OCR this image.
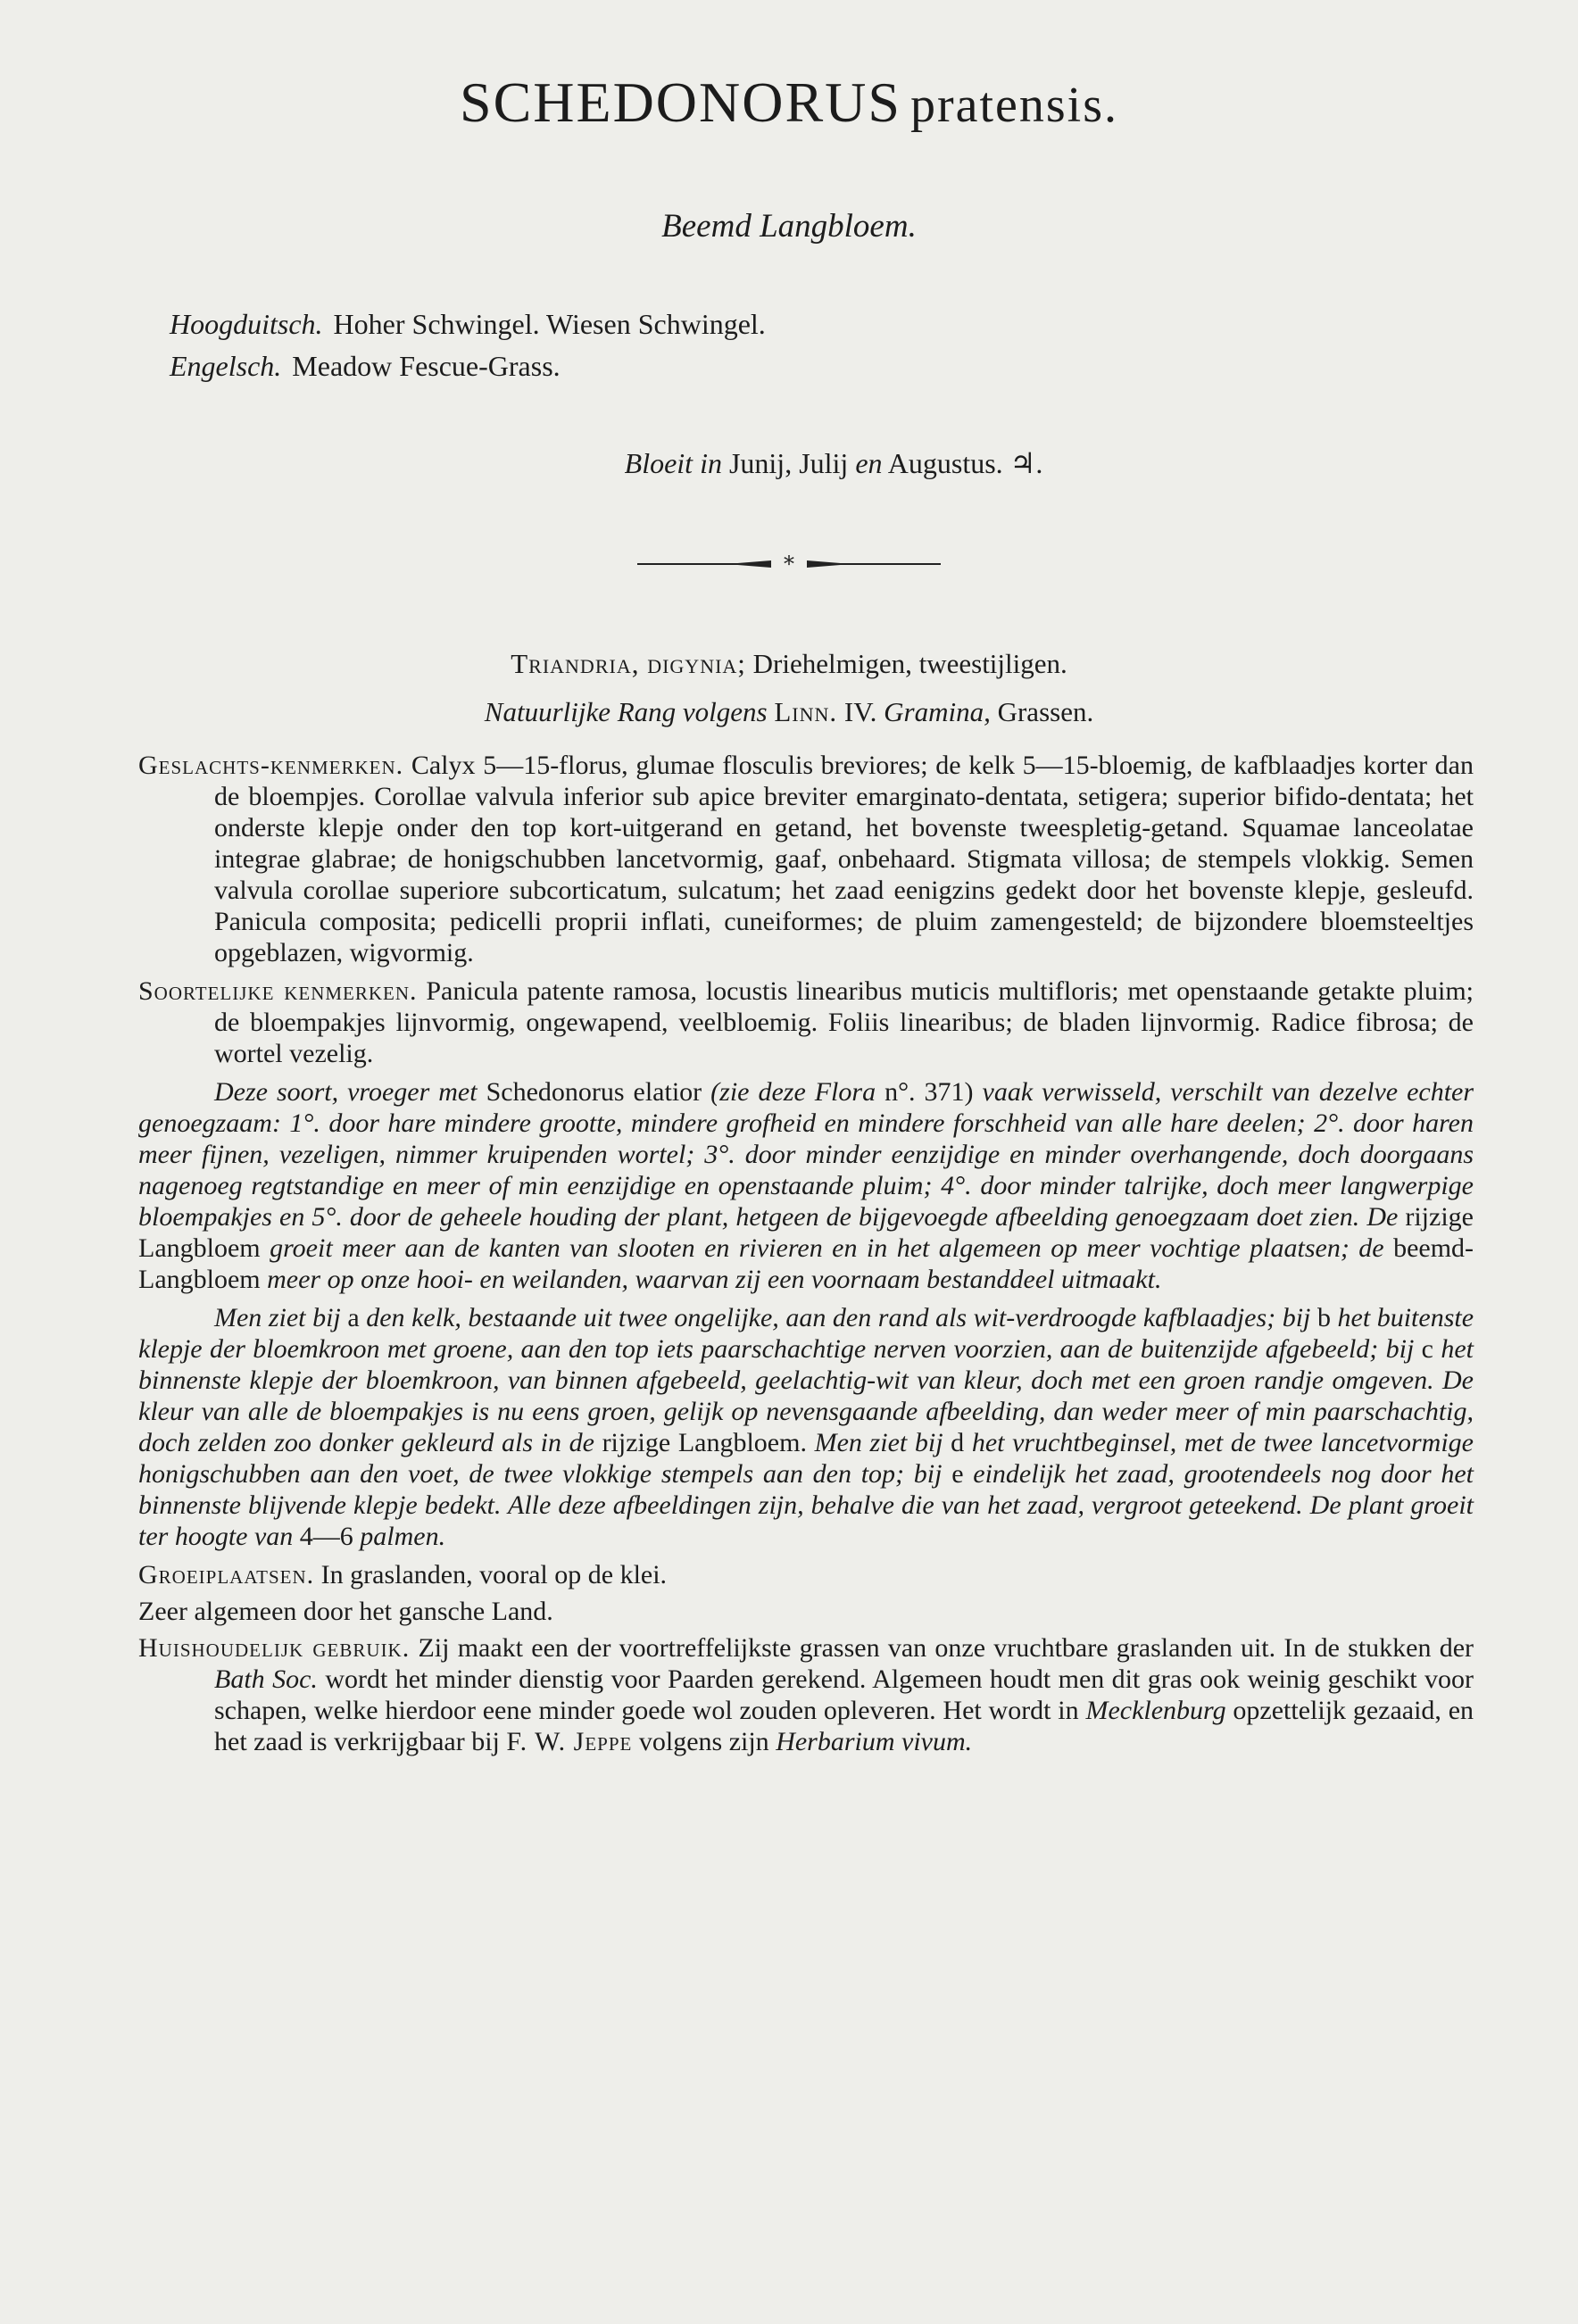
SCHEDONORUS pratensis.
Beemd Langbloem.
Hoogduitsch. Hoher Schwingel. Wiesen Schwingel.
Engelsch. Meadow Fescue-Grass.
Bloeit in Junij, Julij en Augustus. ♃.
*
Triandria, digynia; Driehelmigen, tweestijligen.
Natuurlijke Rang volgens Linn. IV. Gramina, Grassen.

Geslachts-kenmerken. Calyx 5—15-florus, glumae flosculis breviores; de kelk 5—15-bloemig, de kafblaadjes korter dan de bloempjes. Corollae valvula inferior sub apice breviter emarginato-dentata, setigera; superior bifido-dentata; het onderste klepje onder den top kort-uitgerand en getand, het bovenste tweespletig-getand. Squamae lanceolatae integrae glabrae; de honigschubben lancetvormig, gaaf, onbehaard. Stigmata villosa; de stempels vlokkig. Semen valvula corollae superiore subcorticatum, sulcatum; het zaad eenigzins gedekt door het bovenste klepje, gesleufd. Panicula composita; pedicelli proprii inflati, cuneiformes; de pluim zamengesteld; de bijzondere bloemsteeltjes opgeblazen, wigvormig.

Soortelijke kenmerken. Panicula patente ramosa, locustis linearibus muticis multifloris; met openstaande getakte pluim; de bloempakjes lijnvormig, ongewapend, veelbloemig. Foliis linearibus; de bladen lijnvormig. Radice fibrosa; de wortel vezelig.

Deze soort, vroeger met Schedonorus elatior (zie deze Flora n°. 371) vaak verwisseld, verschilt van dezelve echter genoegzaam: 1°. door hare mindere grootte, mindere grofheid en mindere forschheid van alle hare deelen; 2°. door haren meer fijnen, vezeligen, nimmer kruipenden wortel; 3°. door minder eenzijdige en minder overhangende, doch doorgaans nagenoeg regtstandige en meer of min eenzijdige en openstaande pluim; 4°. door minder talrijke, doch meer langwerpige bloempakjes en 5°. door de geheele houding der plant, hetgeen de bijgevoegde afbeelding genoegzaam doet zien. De rijzige Langbloem groeit meer aan de kanten van slooten en rivieren en in het algemeen op meer vochtige plaatsen; de beemd-Langbloem meer op onze hooi- en weilanden, waarvan zij een voornaam bestanddeel uitmaakt.

Men ziet bij a den kelk, bestaande uit twee ongelijke, aan den rand als wit-verdroogde kafblaadjes; bij b het buitenste klepje der bloemkroon met groene, aan den top iets paarschachtige nerven voorzien, aan de buitenzijde afgebeeld; bij c het binnenste klepje der bloemkroon, van binnen afgebeeld, geelachtig-wit van kleur, doch met een groen randje omgeven. De kleur van alle de bloempakjes is nu eens groen, gelijk op nevensgaande afbeelding, dan weder meer of min paarschachtig, doch zelden zoo donker gekleurd als in de rijzige Langbloem. Men ziet bij d het vruchtbeginsel, met de twee lancetvormige honigschubben aan den voet, de twee vlokkige stempels aan den top; bij e eindelijk het zaad, grootendeels nog door het binnenste blijvende klepje bedekt. Alle deze afbeeldingen zijn, behalve die van het zaad, vergroot geteekend. De plant groeit ter hoogte van 4—6 palmen.

Groeiplaatsen. In graslanden, vooral op de klei.

Zeer algemeen door het gansche Land.

Huishoudelijk gebruik. Zij maakt een der voortreffelijkste grassen van onze vruchtbare graslanden uit. In de stukken der Bath Soc. wordt het minder dienstig voor Paarden gerekend. Algemeen houdt men dit gras ook weinig geschikt voor schapen, welke hierdoor eene minder goede wol zouden opleveren. Het wordt in Mecklenburg opzettelijk gezaaid, en het zaad is verkrijgbaar bij F. W. Jeppe volgens zijn Herbarium vivum.
